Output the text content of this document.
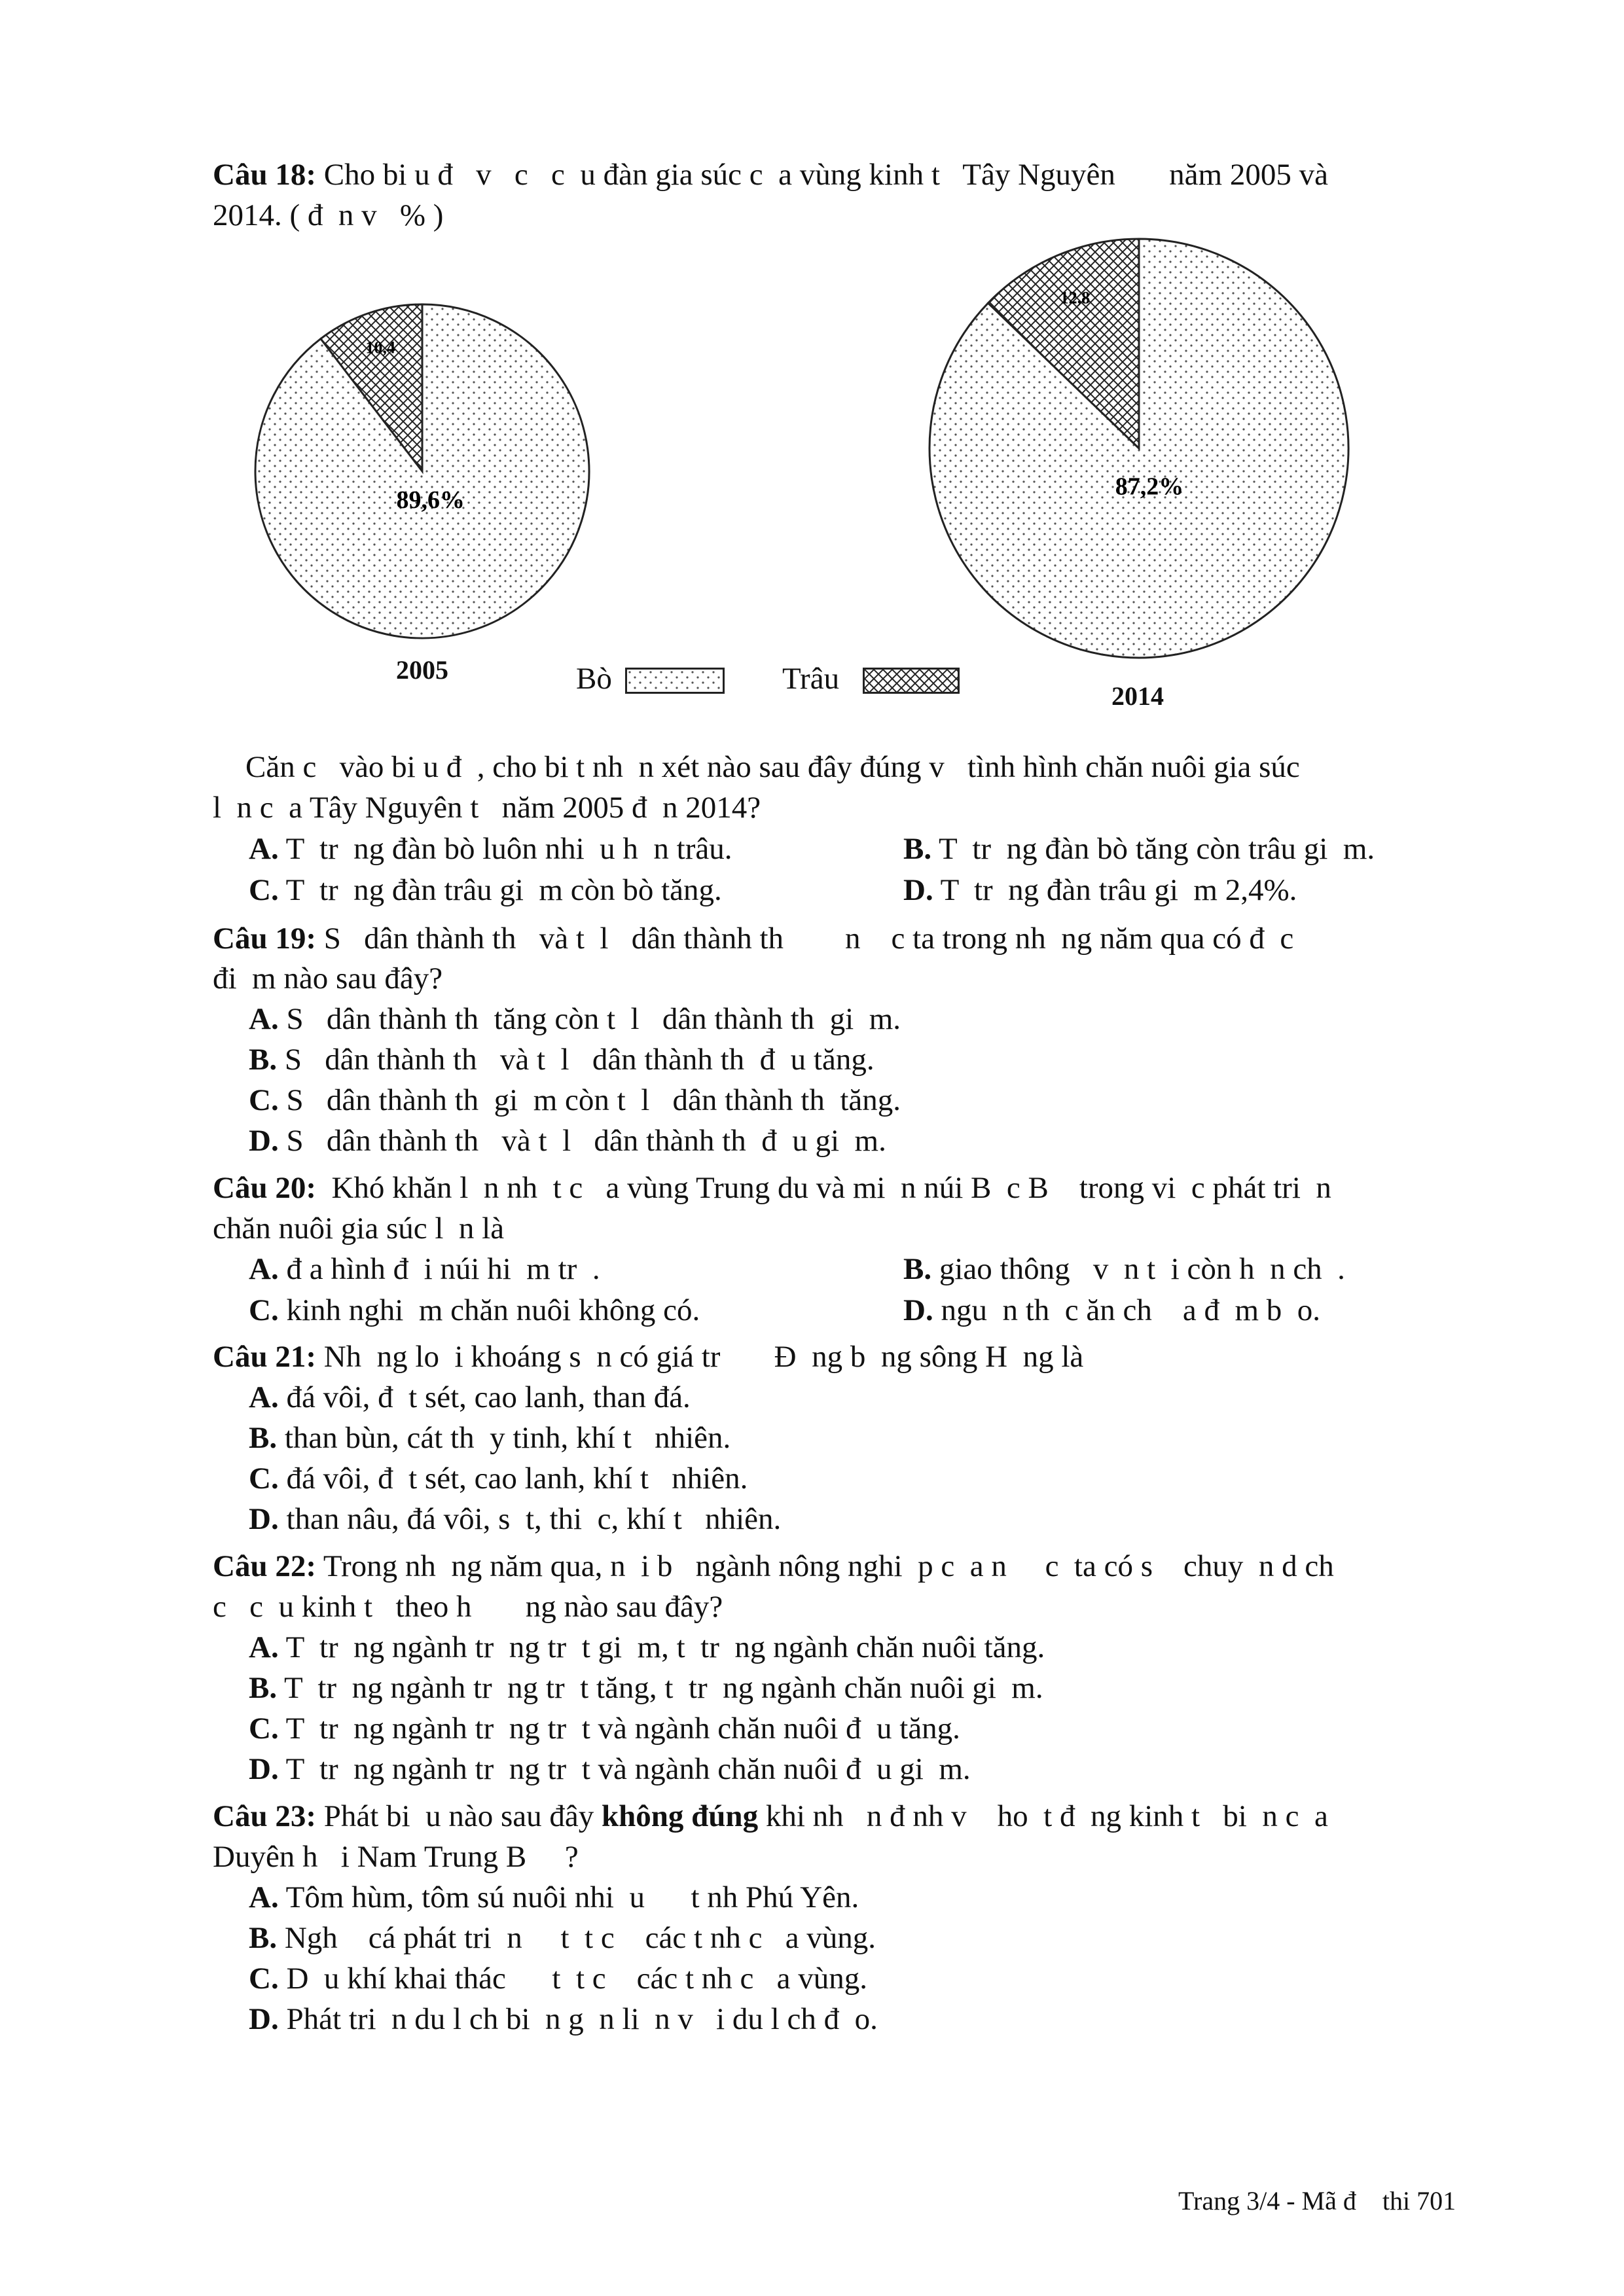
Câu 18: Cho bi u đ   v   c   c  u đàn gia súc c  a vùng kinh t   Tây Nguyên       năm 2005 và
2014. ( đ  n v   % )
89,6%
10,4
87,2%
12,8
2005
2014
Bò	Trâu
Căn c   vào bi u đ  , cho bi t nh  n xét nào sau đây đúng v   tình hình chăn nuôi gia súc
l  n c  a Tây Nguyên t   năm 2005 đ  n 2014?
A. T  tr  ng đàn bò luôn nhi  u h  n trâu.	B. T  tr  ng đàn bò tăng còn trâu gi  m.
C. T  tr  ng đàn trâu gi  m còn bò tăng.	D. T  tr  ng đàn trâu gi  m 2,4%.
Câu 19: S   dân thành th   và t  l   dân thành th        n    c ta trong nh  ng năm qua có đ  c
đi  m nào sau đây?
A. S   dân thành th  tăng còn t  l   dân thành th  gi  m.
B. S   dân thành th   và t  l   dân thành th  đ  u tăng.
C. S   dân thành th  gi  m còn t  l   dân thành th  tăng.
D. S   dân thành th   và t  l   dân thành th  đ  u gi  m.
Câu 20:  Khó khăn l  n nh  t c   a vùng Trung du và mi  n núi B  c B    trong vi  c phát tri  n
chăn nuôi gia súc l  n là
A. đ a hình đ  i núi hi  m tr  .	B. giao thông   v  n t  i còn h  n ch  .
C. kinh nghi  m chăn nuôi không có.	D. ngu  n th  c ăn ch    a đ  m b  o.
Câu 21: Nh  ng lo  i khoáng s  n có giá tr       Đ  ng b  ng sông H  ng là
A. đá vôi, đ  t sét, cao lanh, than đá.
B. than bùn, cát th  y tinh, khí t   nhiên.
C. đá vôi, đ  t sét, cao lanh, khí t   nhiên.
D. than nâu, đá vôi, s  t, thi  c, khí t   nhiên.
Câu 22: Trong nh  ng năm qua, n  i b   ngành nông nghi  p c  a n     c  ta có s    chuy  n d ch
c   c  u kinh t   theo h       ng nào sau đây?
A. T  tr  ng ngành tr  ng tr  t gi  m, t  tr  ng ngành chăn nuôi tăng.
B. T  tr  ng ngành tr  ng tr  t tăng, t  tr  ng ngành chăn nuôi gi  m.
C. T  tr  ng ngành tr  ng tr  t và ngành chăn nuôi đ  u tăng.
D. T  tr  ng ngành tr  ng tr  t và ngành chăn nuôi đ  u gi  m.
Câu 23: Phát bi  u nào sau đây không đúng khi nh   n đ nh v    ho  t đ  ng kinh t   bi  n c  a
Duyên h   i Nam Trung B     ?
A. Tôm hùm, tôm sú nuôi nhi  u      t nh Phú Yên.
B. Ngh    cá phát tri  n     t  t c    các t nh c   a vùng.
C. D  u khí khai thác      t  t c    các t nh c   a vùng.
D. Phát tri  n du l ch bi  n g  n li  n v   i du l ch đ  o.
Trang 3/4 - Mã đ    thi 701
